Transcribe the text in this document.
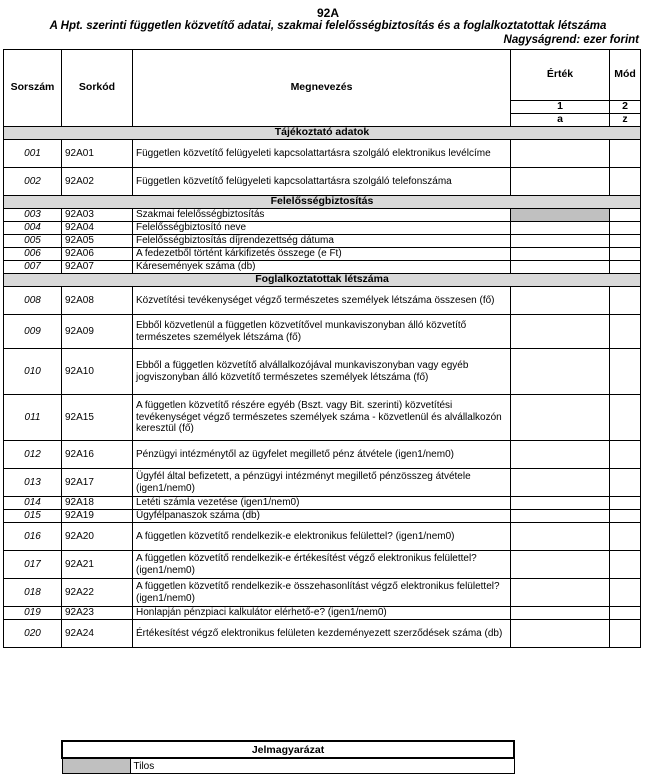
92A
A Hpt. szerinti független közvetítő adatai, szakmai felelősségbiztosítás és a foglalkoztatottak létszáma
Nagyságrend: ezer forint
Sorszám	Sorkód	Megnevezés	Érték	Mód
			1	2
			a	z
Tájékoztató adatok				
001	92A01	Független közvetítő felügyeleti kapcsolattartásra szolgáló elektronikus levélcíme		
002	92A02	Független közvetítő felügyeleti kapcsolattartásra szolgáló telefonszáma		
Felelősségbiztosítás				
003	92A03	Szakmai felelősségbiztosítás		
004	92A04	Felelősségbiztosító neve		
005	92A05	Felelősségbiztosítás díjrendezettség dátuma		
006	92A06	A fedezetből történt kárkifizetés összege (e Ft)		
007	92A07	Káresemények száma (db)		
Foglalkoztatottak létszáma				
008	92A08	Közvetítési tevékenységet végző természetes személyek létszáma összesen (fő)		
009	92A09	Ebből közvetlenül a független közvetítővel munkaviszonyban álló közvetítő természetes személyek létszáma (fő)		
010	92A10	Ebből a független közvetítő alvállalkozójával munkaviszonyban vagy egyéb jogviszonyban álló közvetítő természetes személyek létszáma (fő)		
011	92A15	A független közvetítő részére egyéb (Bszt. vagy Bit. szerinti) közvetítési tevékenységet végző természetes személyek száma - közvetlenül és alvállalkozón keresztül (fő)		
012	92A16	Pénzügyi intézménytől az ügyfelet megillető pénz átvétele (igen1/nem0)		
013	92A17	Ügyfél által befizetett, a pénzügyi intézményt megillető pénzösszeg átvétele (igen1/nem0)		
014	92A18	Letéti számla vezetése (igen1/nem0)		
015	92A19	Ügyfélpanaszok száma (db)		
016	92A20	A független közvetítő rendelkezik-e elektronikus felülettel? (igen1/nem0)		
017	92A21	A független közvetítő rendelkezik-e értékesítést végző elektronikus felülettel? (igen1/nem0)		
018	92A22	A független közvetítő rendelkezik-e összehasonlítást végző elektronikus felülettel? (igen1/nem0)		
019	92A23	Honlapján pénzpiaci kalkulátor elérhető-e? (igen1/nem0)		
020	92A24	Értékesítést végző elektronikus felületen kezdeményezett szerződések száma (db)		
Jelmagyarázat
	Tilos
